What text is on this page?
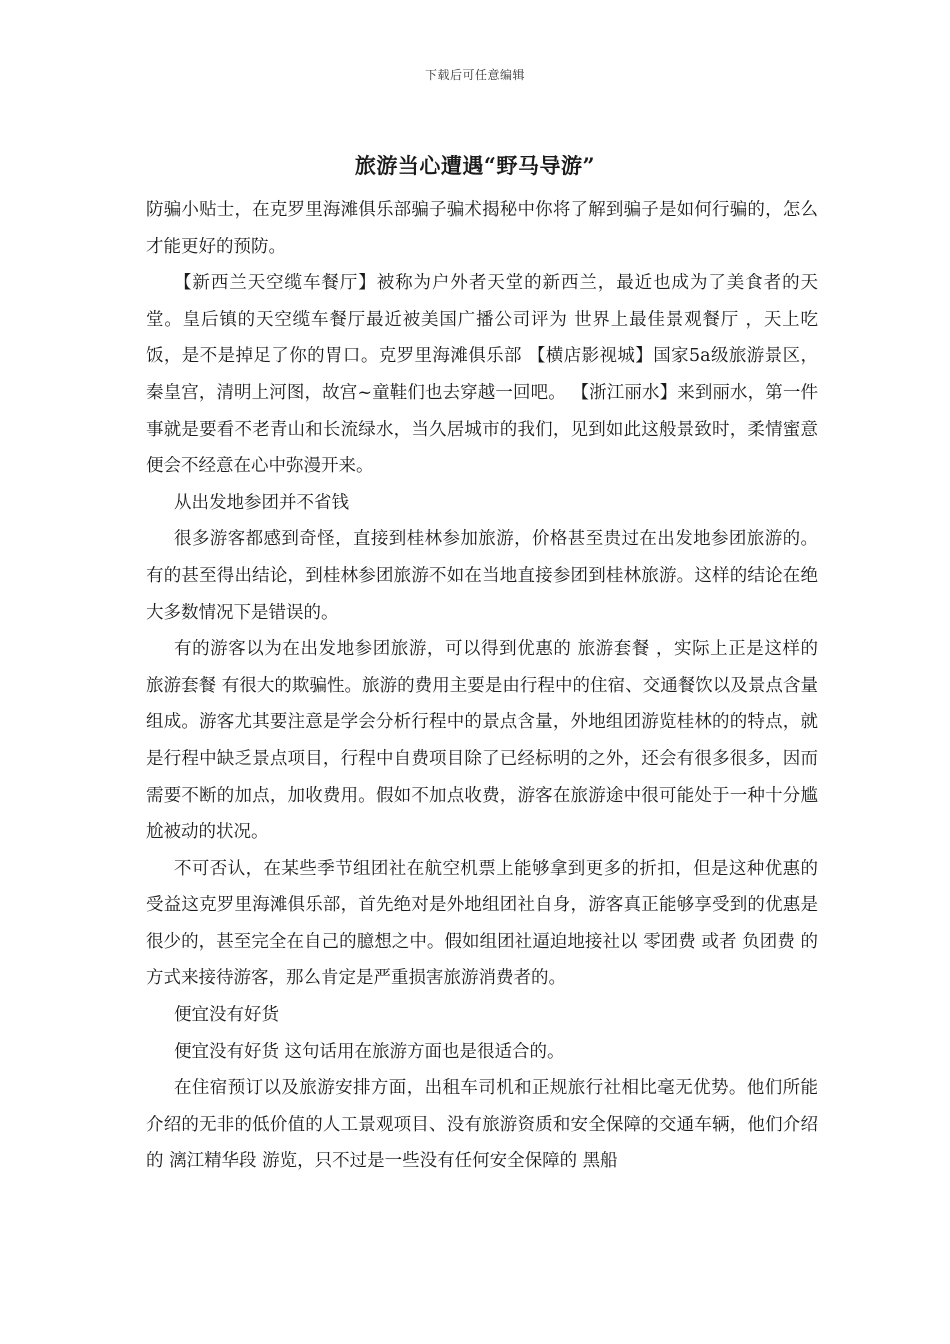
下载后可任意编辑
旅游当心遭遇“野马导游”

防骗小贴士，在克罗里海滩俱乐部骗子骗术揭秘中你将了解到骗子是如何行骗的，怎么才能更好的预防。

【新西兰天空缆车餐厅】被称为户外者天堂的新西兰，最近也成为了美食者的天堂。皇后镇的天空缆车餐厅最近被美国广播公司评为 世界上最佳景观餐厅 ，天上吃饭，是不是掉足了你的胃口。克罗里海滩俱乐部 【横店影视城】国家5a级旅游景区，秦皇宫，清明上河图，故宫~童鞋们也去穿越一回吧。 【浙江丽水】来到丽水，第一件事就是要看不老青山和长流绿水，当久居城市的我们，见到如此这般景致时，柔情蜜意便会不经意在心中弥漫开来。

从出发地参团并不省钱

很多游客都感到奇怪，直接到桂林参加旅游，价格甚至贵过在出发地参团旅游的。有的甚至得出结论，到桂林参团旅游不如在当地直接参团到桂林旅游。这样的结论在绝大多数情况下是错误的。

有的游客以为在出发地参团旅游，可以得到优惠的 旅游套餐 ，实际上正是这样的 旅游套餐 有很大的欺骗性。旅游的费用主要是由行程中的住宿、交通餐饮以及景点含量组成。游客尤其要注意是学会分析行程中的景点含量，外地组团游览桂林的的特点，就是行程中缺乏景点项目，行程中自费项目除了已经标明的之外，还会有很多很多，因而需要不断的加点，加收费用。假如不加点收费，游客在旅游途中很可能处于一种十分尴尬被动的状况。

不可否认，在某些季节组团社在航空机票上能够拿到更多的折扣，但是这种优惠的受益这克罗里海滩俱乐部，首先绝对是外地组团社自身，游客真正能够享受到的优惠是很少的，甚至完全在自己的臆想之中。假如组团社逼迫地接社以 零团费 或者 负团费 的方式来接待游客，那么肯定是严重损害旅游消费者的。

便宜没有好货

便宜没有好货 这句话用在旅游方面也是很适合的。

在住宿预订以及旅游安排方面，出租车司机和正规旅行社相比毫无优势。他们所能介绍的无非的低价值的人工景观项目、没有旅游资质和安全保障的交通车辆，他们介绍的 漓江精华段 游览，只不过是一些没有任何安全保障的 黑船
